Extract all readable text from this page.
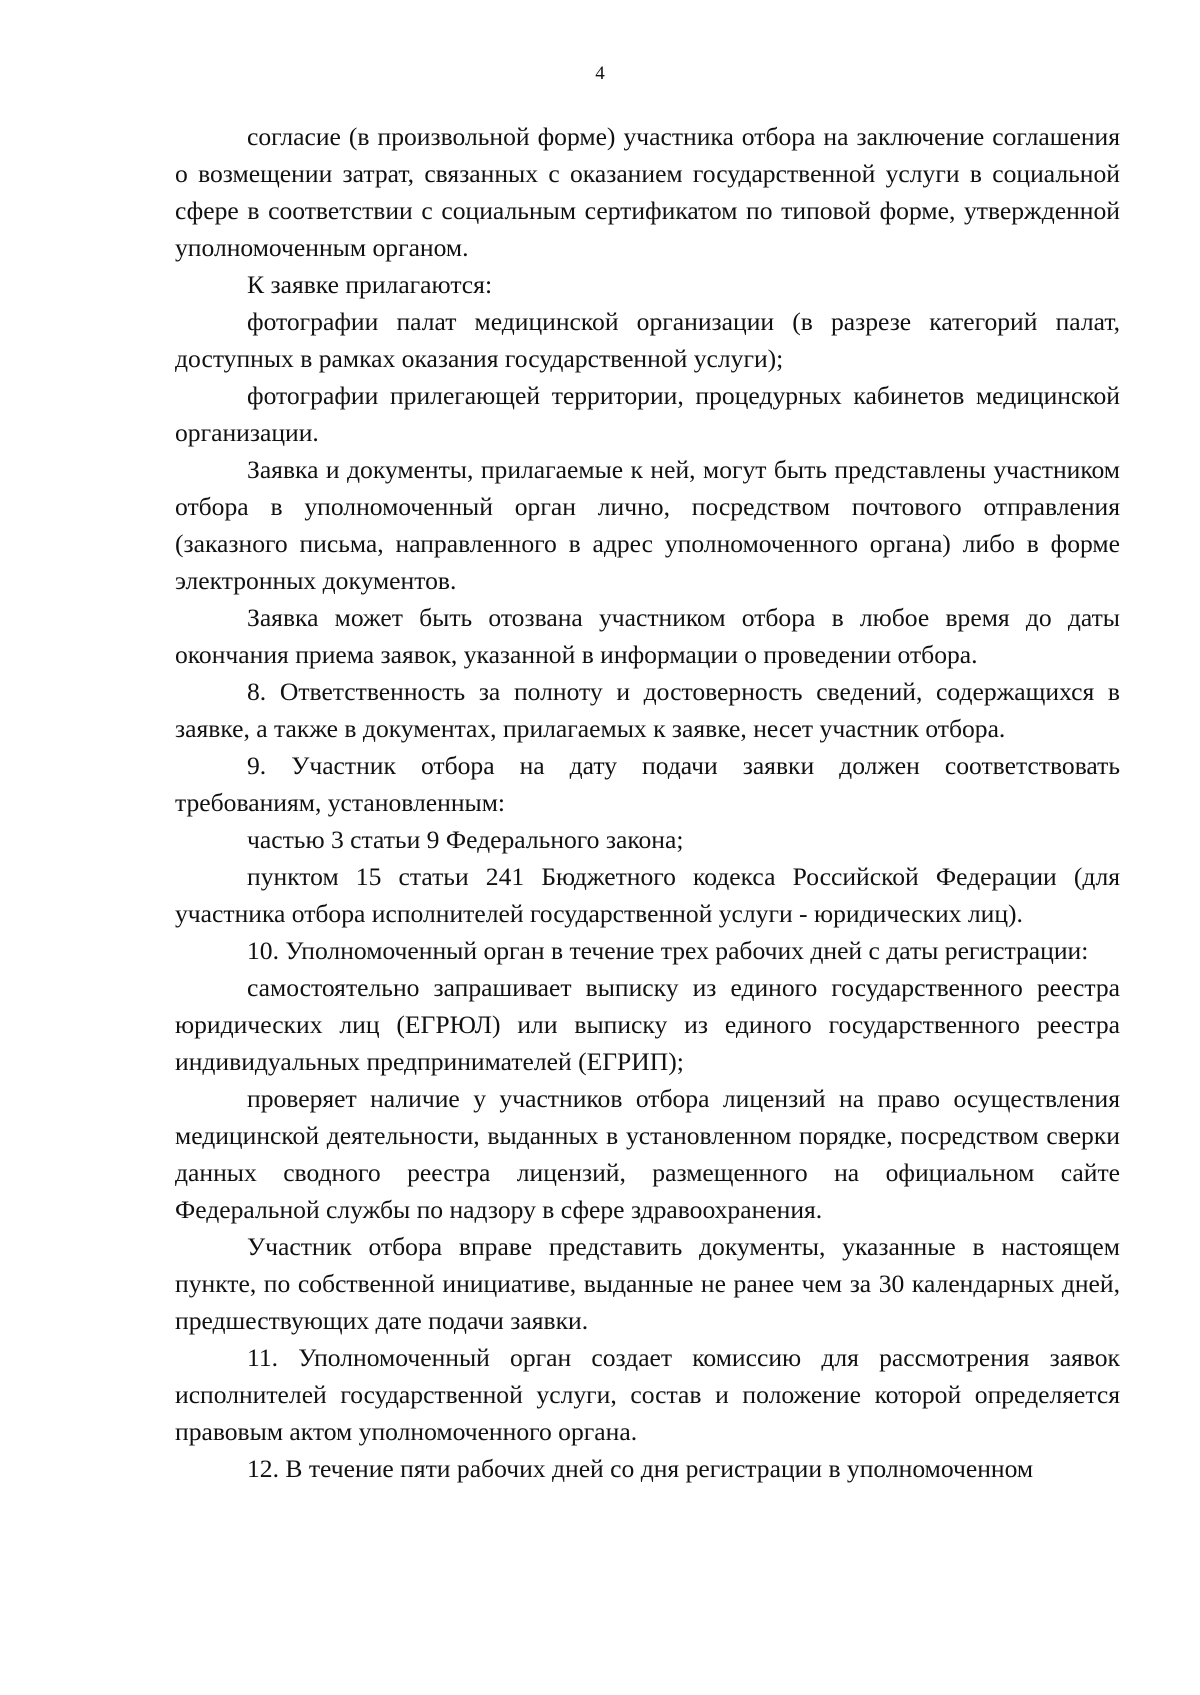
4

согласие (в произвольной форме) участника отбора на заключение соглашения о возмещении затрат, связанных с оказанием государственной услуги в социальной сфере в соответствии с социальным сертификатом по типовой форме, утвержденной уполномоченным органом.

К заявке прилагаются:

фотографии палат медицинской организации (в разрезе категорий палат, доступных в рамках оказания государственной услуги);

фотографии прилегающей территории, процедурных кабинетов медицинской организации.

Заявка и документы, прилагаемые к ней, могут быть представлены участником отбора в уполномоченный орган лично, посредством почтового отправления (заказного письма, направленного в адрес уполномоченного органа) либо в форме электронных документов.

Заявка может быть отозвана участником отбора в любое время до даты окончания приема заявок, указанной в информации о проведении отбора.

8. Ответственность за полноту и достоверность сведений, содержащихся в заявке, а также в документах, прилагаемых к заявке, несет участник отбора.

9. Участник отбора на дату подачи заявки должен соответствовать требованиям, установленным:

частью 3 статьи 9 Федерального закона;

пунктом 15 статьи 241 Бюджетного кодекса Российской Федерации (для участника отбора исполнителей государственной услуги - юридических лиц).

10. Уполномоченный орган в течение трех рабочих дней с даты регистрации:

самостоятельно запрашивает выписку из единого государственного реестра юридических лиц (ЕГРЮЛ) или выписку из единого государственного реестра индивидуальных предпринимателей (ЕГРИП);

проверяет наличие у участников отбора лицензий на право осуществления медицинской деятельности, выданных в установленном порядке, посредством сверки данных сводного реестра лицензий, размещенного на официальном сайте Федеральной службы по надзору в сфере здравоохранения.

Участник отбора вправе представить документы, указанные в настоящем пункте, по собственной инициативе, выданные не ранее чем за 30 календарных дней, предшествующих дате подачи заявки.

11. Уполномоченный орган создает комиссию для рассмотрения заявок исполнителей государственной услуги, состав и положение которой определяется правовым актом уполномоченного органа.

12. В течение пяти рабочих дней со дня регистрации в уполномоченном
